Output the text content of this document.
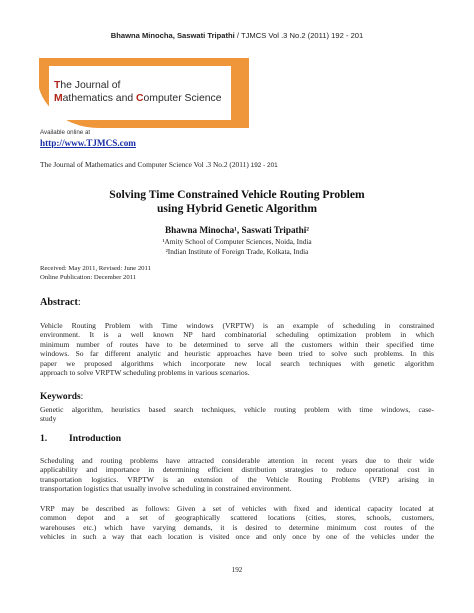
Bhawna Minocha, Saswati Tripathi / TJMCS Vol .3 No.2 (2011) 192 - 201
The Journal of
Mathematics and Computer Science
Available online at
http://www.TJMCS.com
The Journal of Mathematics and Computer Science Vol .3 No.2 (2011) 192 - 201
Solving Time Constrained Vehicle Routing Problem
using Hybrid Genetic Algorithm
Bhawna Minocha¹, Saswati Tripathi²
¹Amity School of Computer Sciences, Noida, India
²Indian Institute of Foreign Trade, Kolkata, India
Received: May 2011, Revised: June 2011
Online Publication: December 2011
Abstract:
Vehicle Routing Problem with Time windows (VRPTW) is an example of scheduling in constrained
environment. It is a well known NP hard combinatorial scheduling optimization problem in which
minimum number of routes have to be determined to serve all the customers within their specified time
windows. So far different analytic and heuristic approaches have been tried to solve such problems. In this
paper we proposed algorithms which incorporate new local search techniques with genetic algorithm
approach to solve VRPTW scheduling problems in various scenarios.
Keywords:
Genetic algorithm, heuristics based search techniques, vehicle routing problem with time windows, case-
study
1. Introduction
Scheduling and routing problems have attracted considerable attention in recent years due to their wide
applicability and importance in determining efficient distribution strategies to reduce operational cost in
transportation logistics. VRPTW is an extension of the Vehicle Routing Problems (VRP) arising in
transportation logistics that usually involve scheduling in constrained environment.
VRP may be described as follows: Given a set of vehicles with fixed and identical capacity located at
common depot and a set of geographically scattered locations (cities, stores, schools, customers,
warehouses etc.) which have varying demands, it is desired to determine minimum cost routes of the
vehicles in such a way that each location is visited once and only once by one of the vehicles under the
192
